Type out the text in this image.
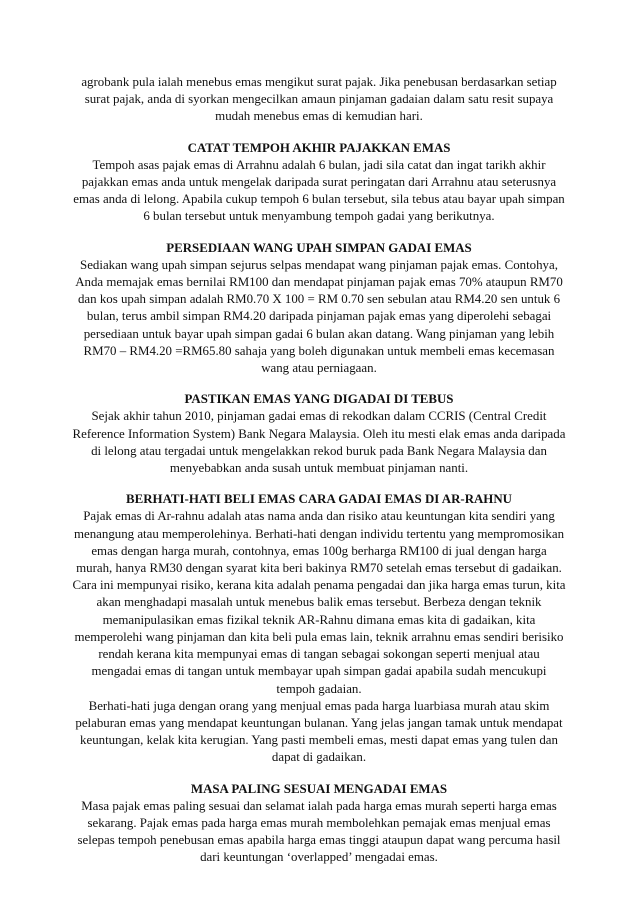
agrobank pula ialah menebus emas mengikut surat pajak. Jika penebusan berdasarkan setiap surat pajak, anda di syorkan mengecilkan amaun pinjaman gadaian dalam satu resit supaya mudah menebus emas di kemudian hari.

CATAT TEMPOH AKHIR PAJAKKAN EMAS

Tempoh asas pajak emas di Arrahnu adalah 6 bulan, jadi sila catat dan ingat tarikh akhir pajakkan emas anda untuk mengelak daripada surat peringatan dari Arrahnu atau seterusnya emas anda di lelong. Apabila cukup tempoh 6 bulan tersebut, sila tebus atau bayar upah simpan 6 bulan tersebut untuk menyambung tempoh gadai yang berikutnya.

PERSEDIAAN WANG UPAH SIMPAN GADAI EMAS

Sediakan wang upah simpan sejurus selpas mendapat wang pinjaman pajak emas. Contohya, Anda memajak emas bernilai RM100 dan mendapat pinjaman pajak emas 70% ataupun RM70 dan kos upah simpan adalah RM0.70 X 100 = RM 0.70 sen sebulan atau RM4.20 sen untuk 6 bulan, terus ambil simpan RM4.20 daripada pinjaman pajak emas yang diperolehi sebagai persediaan untuk bayar upah simpan gadai 6 bulan akan datang. Wang pinjaman yang lebih RM70 – RM4.20 =RM65.80 sahaja yang boleh digunakan untuk membeli emas kecemasan wang atau perniagaan.

PASTIKAN EMAS YANG DIGADAI DI TEBUS

Sejak akhir tahun 2010, pinjaman gadai emas di rekodkan dalam CCRIS (Central Credit Reference Information System) Bank Negara Malaysia. Oleh itu mesti elak emas anda daripada di lelong atau tergadai untuk mengelakkan rekod buruk pada Bank Negara Malaysia dan menyebabkan anda susah untuk membuat pinjaman nanti.

BERHATI-HATI BELI EMAS CARA GADAI EMAS DI AR-RAHNU

Pajak emas di Ar-rahnu adalah atas nama anda dan risiko atau keuntungan kita sendiri yang menangung atau memperolehinya. Berhati-hati dengan individu tertentu yang mempromosikan emas dengan harga murah, contohnya, emas 100g berharga RM100 di jual dengan harga murah, hanya RM30 dengan syarat kita beri bakinya RM70 setelah emas tersebut di gadaikan. Cara ini mempunyai risiko, kerana kita adalah penama pengadai dan jika harga emas turun, kita akan menghadapi masalah untuk menebus balik emas tersebut. Berbeza dengan teknik memanipulasikan emas fizikal teknik AR-Rahnu dimana emas kita di gadaikan, kita memperolehi wang pinjaman dan kita beli pula emas lain, teknik arrahnu emas sendiri berisiko rendah kerana kita mempunyai emas di tangan sebagai sokongan seperti menjual atau mengadai emas di tangan untuk membayar upah simpan gadai apabila sudah mencukupi tempoh gadaian.

Berhati-hati juga dengan orang yang menjual emas pada harga luarbiasa murah atau skim pelaburan emas yang mendapat keuntungan bulanan. Yang jelas jangan tamak untuk mendapat keuntungan, kelak kita kerugian. Yang pasti membeli emas, mesti dapat emas yang tulen dan dapat di gadaikan.

MASA PALING SESUAI MENGADAI EMAS

Masa pajak emas paling sesuai dan selamat ialah pada harga emas murah seperti harga emas sekarang. Pajak emas pada harga emas murah membolehkan pemajak emas menjual emas selepas tempoh penebusan emas apabila harga emas tinggi ataupun dapat wang percuma hasil dari keuntungan ‘overlapped’ mengadai emas.
